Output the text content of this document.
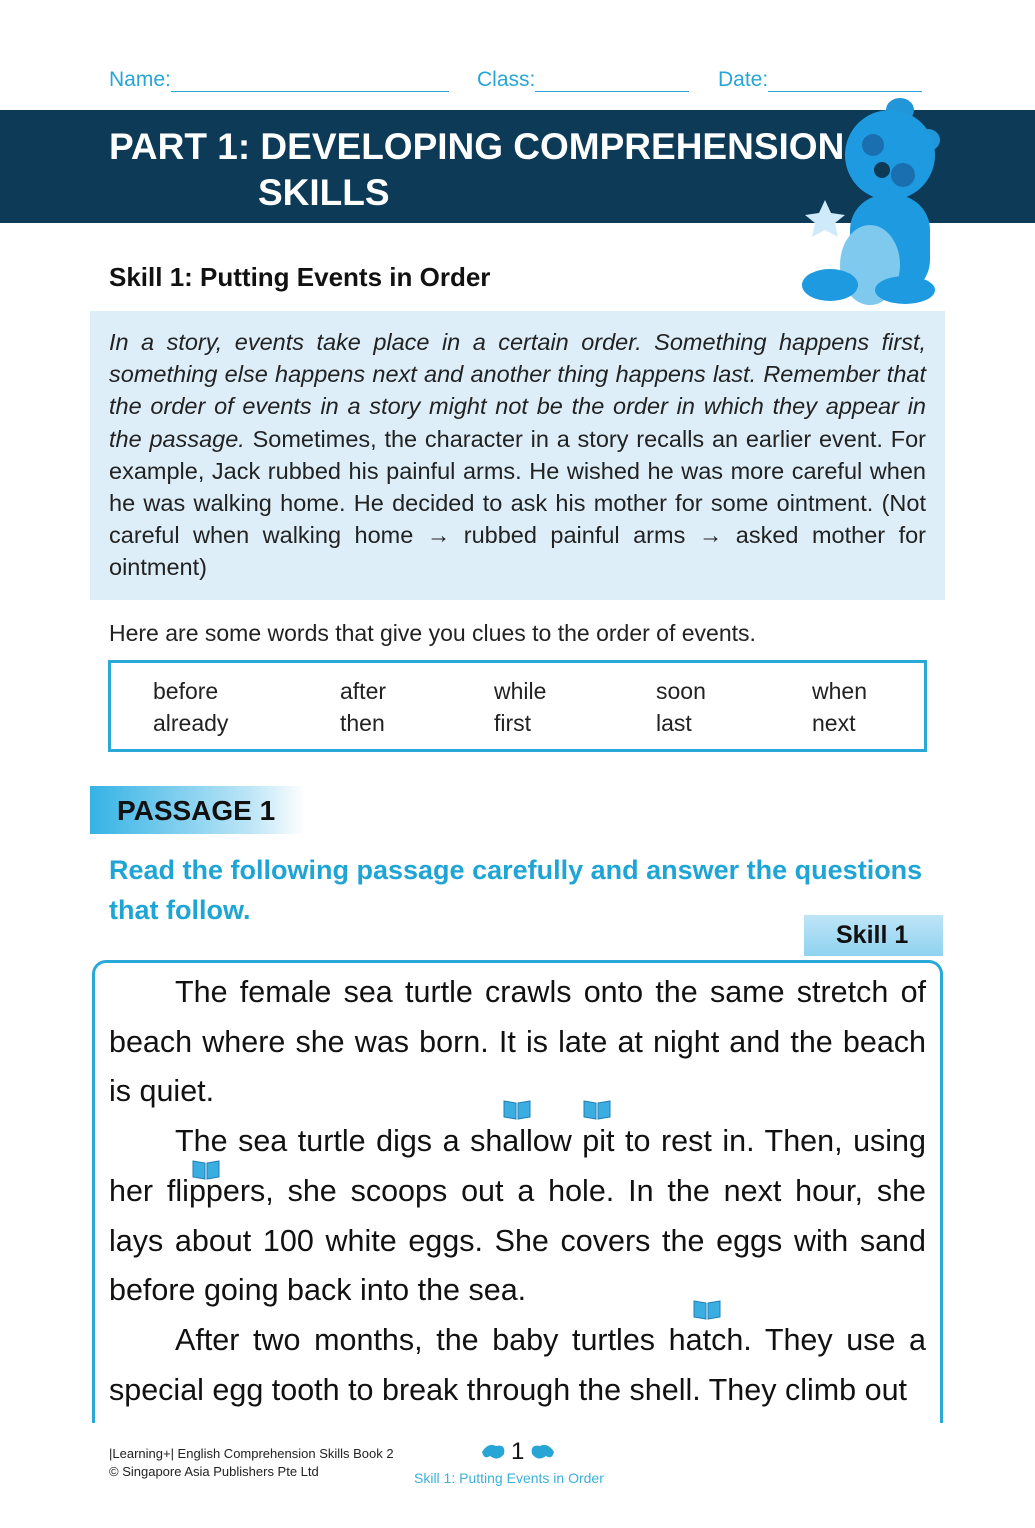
Name:	Class:	Date:
PART 1: DEVELOPING COMPREHENSION
SKILLS
Skill 1: Putting Events in Order

In a story, events take place in a certain order. Something happens first, something else happens next and another thing happens last. Remember that the order of events in a story might not be the order in which they appear in the passage. Sometimes, the character in a story recalls an earlier event. For example, Jack rubbed his painful arms. He wished he was more careful when he was walking home. He decided to ask his mother for some ointment. (Not careful when walking home → rubbed painful arms → asked mother for ointment)

Here are some words that give you clues to the order of events.
before	after	while	soon	when
already	then	first	last	next
PASSAGE 1
Read the following passage carefully and answer the questions that follow.
Skill 1

The female sea turtle crawls onto the same stretch of beach where she was born. It is late at night and the beach is quiet.

The sea turtle digs a shallow pit to rest in. Then, using her flippers, she scoops out a hole. In the next hour, she lays about 100 white eggs. She covers the eggs with sand before going back into the sea.

After two months, the baby turtles hatch. They use a special egg tooth to break through the shell. They climb out

|Learning+| English Comprehension Skills Book 2
© Singapore Asia Publishers Pte Ltd
1
Skill 1: Putting Events in Order
